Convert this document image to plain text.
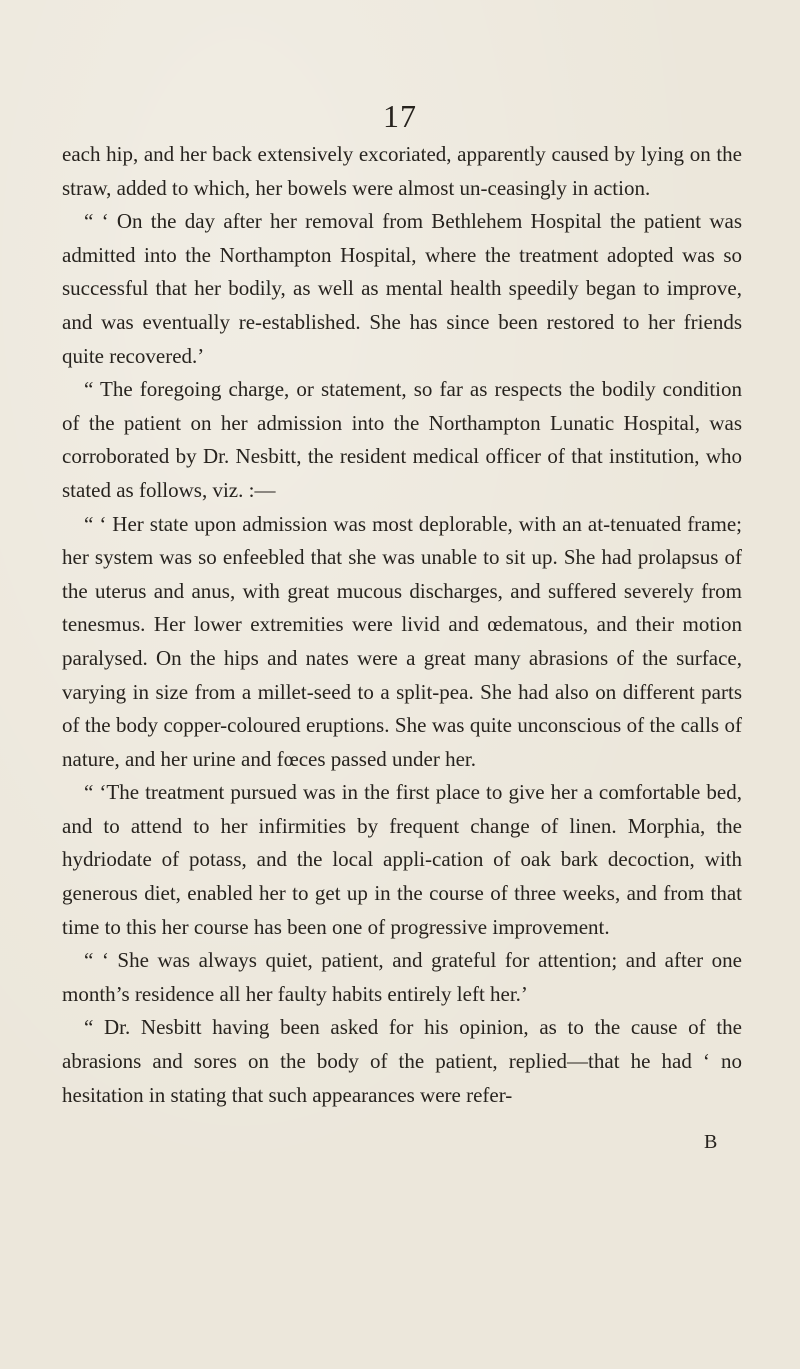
17

each hip, and her back extensively excoriated, apparently caused by lying on the straw, added to which, her bowels were almost un-ceasingly in action.

“ ‘ On the day after her removal from Bethlehem Hospital the patient was admitted into the Northampton Hospital, where the treatment adopted was so successful that her bodily, as well as mental health speedily began to improve, and was eventually re-established. She has since been restored to her friends quite recovered.’

“ The foregoing charge, or statement, so far as respects the bodily condition of the patient on her admission into the Northampton Lunatic Hospital, was corroborated by Dr. Nesbitt, the resident medical officer of that institution, who stated as follows, viz. :—

“ ‘ Her state upon admission was most deplorable, with an at-tenuated frame; her system was so enfeebled that she was unable to sit up. She had prolapsus of the uterus and anus, with great mucous discharges, and suffered severely from tenesmus. Her lower extremities were livid and œdematous, and their motion paralysed. On the hips and nates were a great many abrasions of the surface, varying in size from a millet-seed to a split-pea. She had also on different parts of the body copper-coloured eruptions. She was quite unconscious of the calls of nature, and her urine and fœces passed under her.

“ ‘The treatment pursued was in the first place to give her a comfortable bed, and to attend to her infirmities by frequent change of linen. Morphia, the hydriodate of potass, and the local appli-cation of oak bark decoction, with generous diet, enabled her to get up in the course of three weeks, and from that time to this her course has been one of progressive improvement.

“ ‘ She was always quiet, patient, and grateful for attention; and after one month’s residence all her faulty habits entirely left her.’

“ Dr. Nesbitt having been asked for his opinion, as to the cause of the abrasions and sores on the body of the patient, replied—that he had ‘ no hesitation in stating that such appearances were refer-

B
